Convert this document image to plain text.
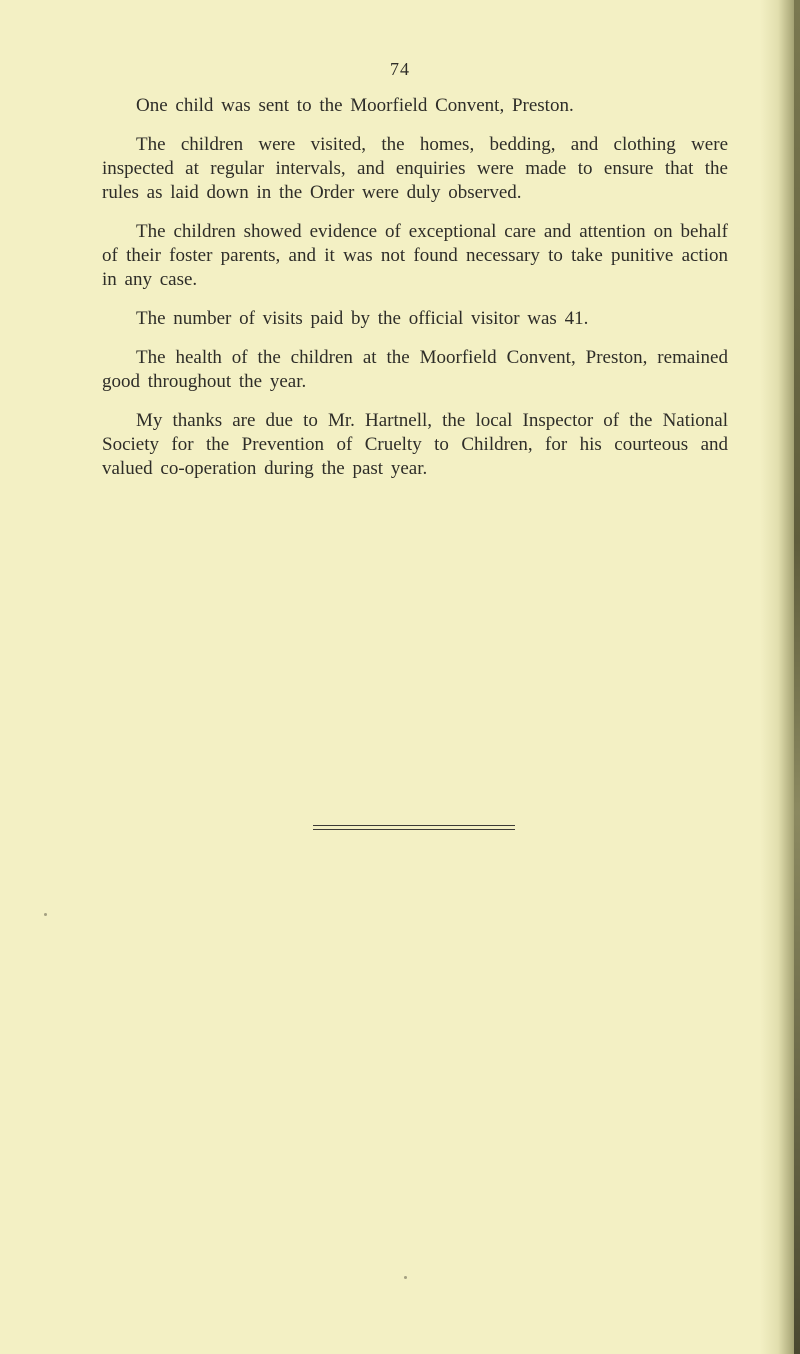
74

One child was sent to the Moorfield Convent, Preston.

The children were visited, the homes, bedding, and clothing were inspected at regular intervals, and enquiries were made to ensure that the rules as laid down in the Order were duly observed.

The children showed evidence of exceptional care and attention on behalf of their foster parents, and it was not found necessary to take punitive action in any case.

The number of visits paid by the official visitor was 41.

The health of the children at the Moorfield Convent, Preston, remained good throughout the year.

My thanks are due to Mr. Hartnell, the local Inspector of the National Society for the Prevention of Cruelty to Children, for his courteous and valued co-operation during the past year.
